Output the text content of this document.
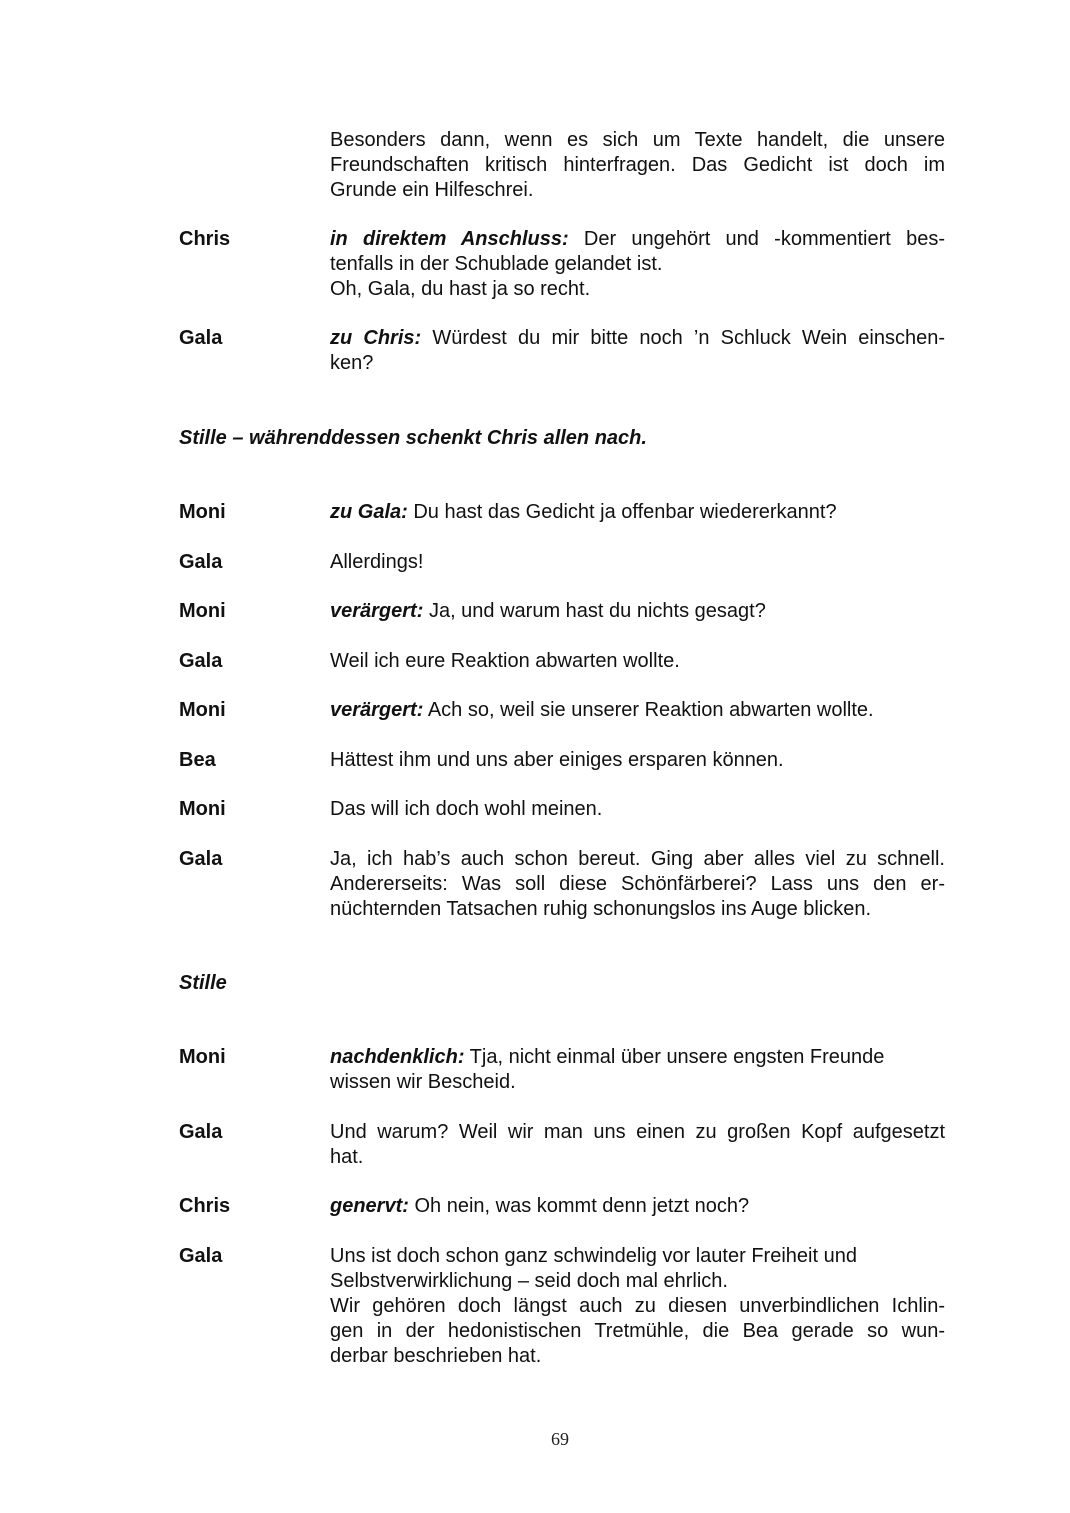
Besonders dann, wenn es sich um Texte handelt, die unsere
Freundschaften kritisch hinterfragen. Das Gedicht ist doch im
Grunde ein Hilfeschrei.
Chris	in direktem Anschluss: Der ungehört und -kommentiert bes-
tenfalls in der Schublade gelandet ist.
Oh, Gala, du hast ja so recht.
Gala	zu Chris: Würdest du mir bitte noch ’n Schluck Wein einschen-
ken?
Stille – währenddessen schenkt Chris allen nach.
Moni	zu Gala: Du hast das Gedicht ja offenbar wiedererkannt?
Gala	Allerdings!
Moni	verärgert: Ja, und warum hast du nichts gesagt?
Gala	Weil ich eure Reaktion abwarten wollte.
Moni	verärgert: Ach so, weil sie unserer Reaktion abwarten wollte.
Bea	Hättest ihm und uns aber einiges ersparen können.
Moni	Das will ich doch wohl meinen.
Gala	Ja, ich hab’s auch schon bereut. Ging aber alles viel zu schnell.
Andererseits: Was soll diese Schönfärberei? Lass uns den er-
nüchternden Tatsachen ruhig schonungslos ins Auge blicken.
Stille
Moni	nachdenklich: Tja, nicht einmal über unsere engsten Freunde
wissen wir Bescheid.
Gala	Und warum? Weil wir man uns einen zu großen Kopf aufgesetzt
hat.
Chris	genervt: Oh nein, was kommt denn jetzt noch?
Gala	Uns ist doch schon ganz schwindelig vor lauter Freiheit und
Selbstverwirklichung – seid doch mal ehrlich.
Wir gehören doch längst auch zu diesen unverbindlichen Ichlin-
gen in der hedonistischen Tretmühle, die Bea gerade so wun-
derbar beschrieben hat.
69
